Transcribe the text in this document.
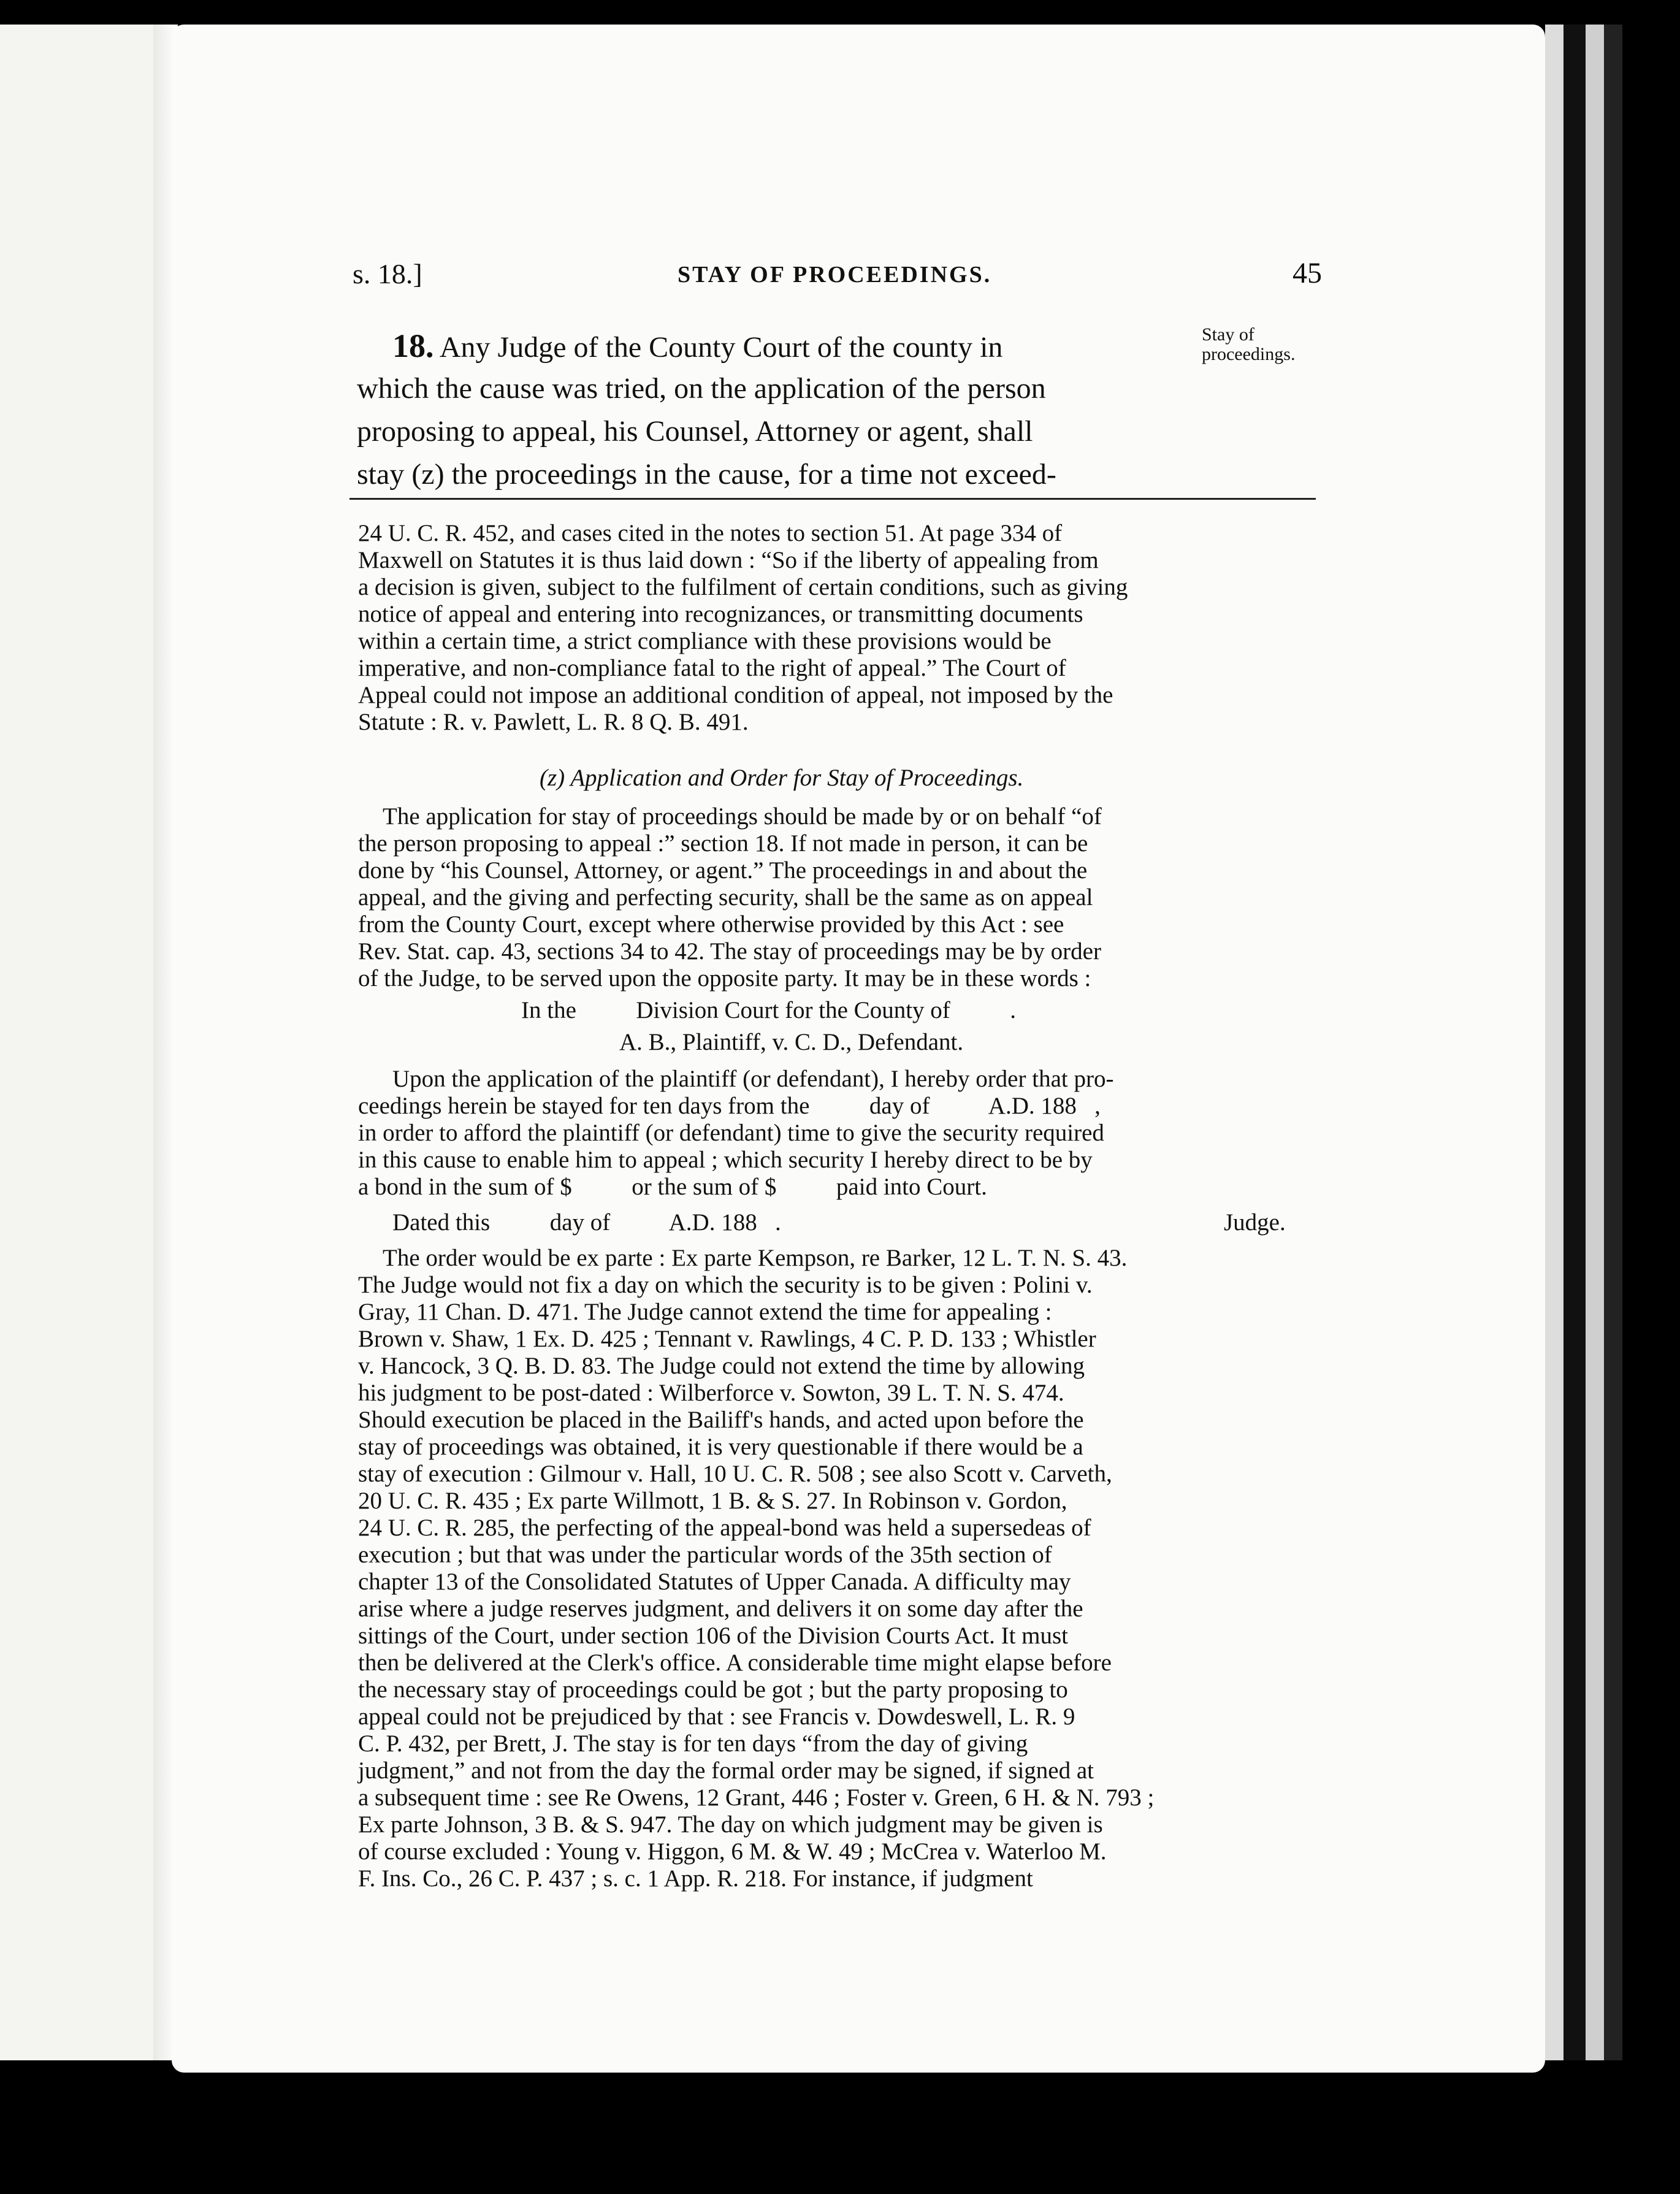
s. 18.]	STAY OF PROCEEDINGS.	45
Stay of
proceedings.
18. Any Judge of the County Court of the county in
which the cause was tried, on the application of the person
proposing to appeal, his Counsel, Attorney or agent, shall
stay (z) the proceedings in the cause, for a time not exceed-
24 U. C. R. 452, and cases cited in the notes to section 51. At page 334 of
Maxwell on Statutes it is thus laid down : “So if the liberty of appealing from
a decision is given, subject to the fulfilment of certain conditions, such as giving
notice of appeal and entering into recognizances, or transmitting documents
within a certain time, a strict compliance with these provisions would be
imperative, and non-compliance fatal to the right of appeal.” The Court of
Appeal could not impose an additional condition of appeal, not imposed by the
Statute : R. v. Pawlett, L. R. 8 Q. B. 491.
(z) Application and Order for Stay of Proceedings.
The application for stay of proceedings should be made by or on behalf “of
the person proposing to appeal :” section 18. If not made in person, it can be
done by “his Counsel, Attorney, or agent.” The proceedings in and about the
appeal, and the giving and perfecting security, shall be the same as on appeal
from the County Court, except where otherwise provided by this Act : see
Rev. Stat. cap. 43, sections 34 to 42. The stay of proceedings may be by order
of the Judge, to be served upon the opposite party. It may be in these words :
In the          Division Court for the County of          .
A. B., Plaintiff, v. C. D., Defendant.
Upon the application of the plaintiff (or defendant), I hereby order that pro-
ceedings herein be stayed for ten days from the          day of          A.D. 188   ,
in order to afford the plaintiff (or defendant) time to give the security required
in this cause to enable him to appeal ; which security I hereby direct to be by
a bond in the sum of $          or the sum of $          paid into Court.
Dated this          day of          A.D. 188   .	Judge.
The order would be ex parte : Ex parte Kempson, re Barker, 12 L. T. N. S. 43.
The Judge would not fix a day on which the security is to be given : Polini v.
Gray, 11 Chan. D. 471. The Judge cannot extend the time for appealing :
Brown v. Shaw, 1 Ex. D. 425 ; Tennant v. Rawlings, 4 C. P. D. 133 ; Whistler
v. Hancock, 3 Q. B. D. 83. The Judge could not extend the time by allowing
his judgment to be post-dated : Wilberforce v. Sowton, 39 L. T. N. S. 474.
Should execution be placed in the Bailiff's hands, and acted upon before the
stay of proceedings was obtained, it is very questionable if there would be a
stay of execution : Gilmour v. Hall, 10 U. C. R. 508 ; see also Scott v. Carveth,
20 U. C. R. 435 ; Ex parte Willmott, 1 B. & S. 27. In Robinson v. Gordon,
24 U. C. R. 285, the perfecting of the appeal-bond was held a supersedeas of
execution ; but that was under the particular words of the 35th section of
chapter 13 of the Consolidated Statutes of Upper Canada. A difficulty may
arise where a judge reserves judgment, and delivers it on some day after the
sittings of the Court, under section 106 of the Division Courts Act. It must
then be delivered at the Clerk's office. A considerable time might elapse before
the necessary stay of proceedings could be got ; but the party proposing to
appeal could not be prejudiced by that : see Francis v. Dowdeswell, L. R. 9
C. P. 432, per Brett, J. The stay is for ten days “from the day of giving
judgment,” and not from the day the formal order may be signed, if signed at
a subsequent time : see Re Owens, 12 Grant, 446 ; Foster v. Green, 6 H. & N. 793 ;
Ex parte Johnson, 3 B. & S. 947. The day on which judgment may be given is
of course excluded : Young v. Higgon, 6 M. & W. 49 ; McCrea v. Waterloo M.
F. Ins. Co., 26 C. P. 437 ; s. c. 1 App. R. 218. For instance, if judgment
